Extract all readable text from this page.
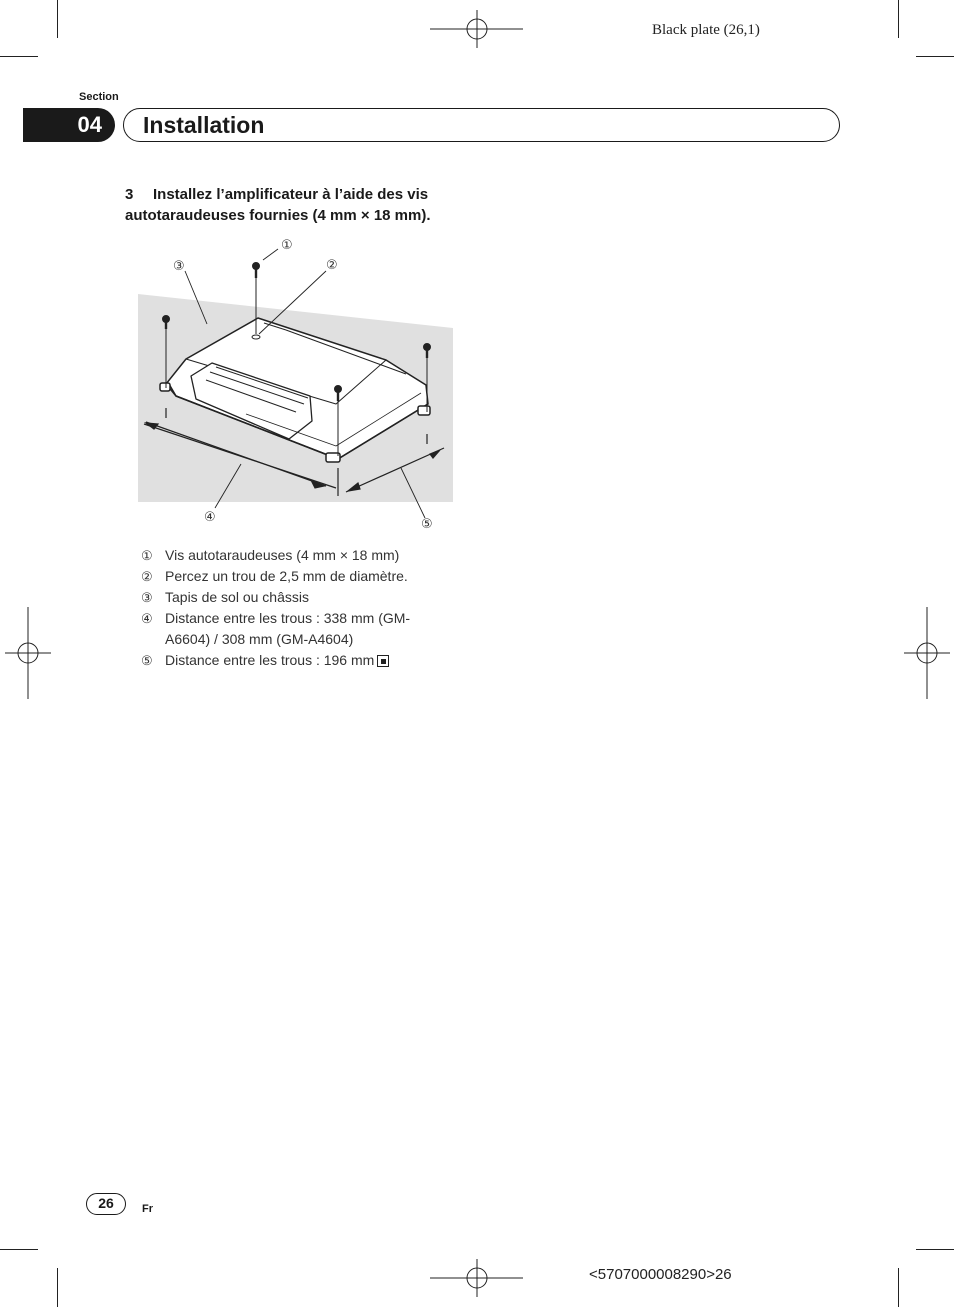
Black plate (26,1)
Section
04	Installation
3 Installez l’amplificateur à l’aide des vis autotaraudeuses fournies (4 mm × 18 mm).
①
②
③
④	⑤
① Vis autotaraudeuses (4 mm × 18 mm)
② Percez un trou de 2,5 mm de diamètre.
③ Tapis de sol ou châssis
④ Distance entre les trous : 338 mm (GM-A6604) / 308 mm (GM-A4604)
⑤ Distance entre les trous : 196 mm
26	Fr
<5707000008290>26
